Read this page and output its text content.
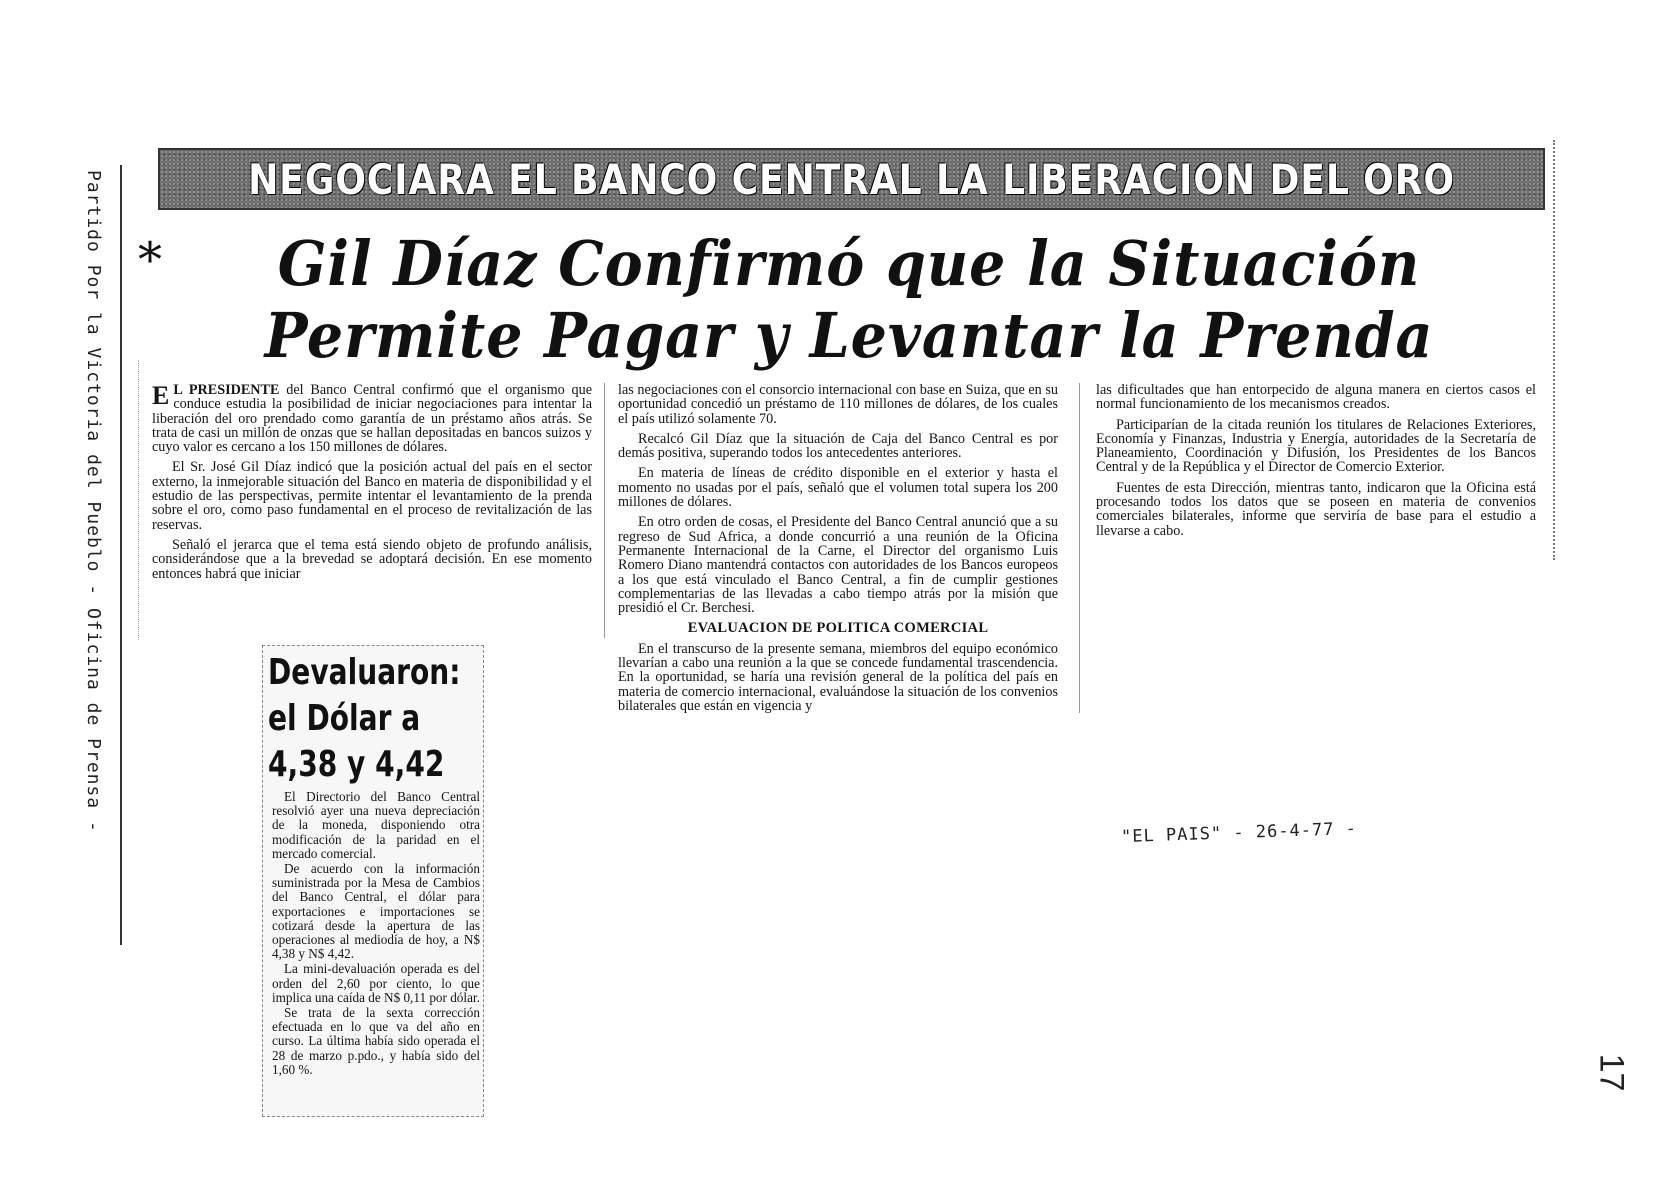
Partido Por la Victoria del Pueblo - Oficina de Prensa -	NEGOCIARA EL BANCO CENTRAL LA LIBERACION DEL ORO
*	Gil Díaz Confirmó que la Situación
Permite Pagar y Levantar la Prenda

E L PRESIDENTE del Banco Central confirmó que el organismo que conduce estudia la posibilidad de iniciar negociaciones para intentar la liberación del oro prendado como garantía de un préstamo años atrás. Se trata de casi un millón de onzas que se hallan depositadas en bancos suizos y cuyo valor es cercano a los 150 millones de dólares.

El Sr. José Gil Díaz indicó que la posición actual del país en el sector externo, la inmejorable situación del Banco en materia de disponibilidad y el estudio de las perspectivas, permite intentar el levantamiento de la prenda sobre el oro, como paso fundamental en el proceso de revitalización de las reservas.

Señaló el jerarca que el tema está siendo objeto de profundo análisis, considerándose que a la brevedad se adoptará decisión. En ese momento entonces habrá que iniciar

las negociaciones con el consorcio internacional con base en Suiza, que en su oportunidad concedió un préstamo de 110 millones de dólares, de los cuales el país utilizó solamente 70.

Recalcó Gil Díaz que la situación de Caja del Banco Central es por demás positiva, superando todos los antecedentes anteriores.

En materia de líneas de crédito disponible en el exterior y hasta el momento no usadas por el país, señaló que el volumen total supera los 200 millones de dólares.

En otro orden de cosas, el Presidente del Banco Central anunció que a su regreso de Sud Africa, a donde concurrió a una reunión de la Oficina Permanente Internacional de la Carne, el Director del organismo Luis Romero Diano mantendrá contactos con autoridades de los Bancos europeos a los que está vinculado el Banco Central, a fin de cumplir gestiones complementarias de las llevadas a cabo tiempo atrás por la misión que presidió el Cr. Berchesi.

EVALUACION DE POLITICA COMERCIAL

En el transcurso de la presente semana, miembros del equipo económico llevarían a cabo una reunión a la que se concede fundamental trascendencia. En la oportunidad, se haría una revisión general de la política del país en materia de comercio internacional, evaluándose la situación de los convenios bilaterales que están en vigencia y

las dificultades que han entorpecido de alguna manera en ciertos casos el normal funcionamiento de los mecanismos creados.

Participarían de la citada reunión los titulares de Relaciones Exteriores, Economía y Finanzas, Industria y Energía, autoridades de la Secretaría de Planeamiento, Coordinación y Difusión, los Presidentes de los Bancos Central y de la República y el Director de Comercio Exterior.

Fuentes de esta Dirección, mientras tanto, indicaron que la Oficina está procesando todos los datos que se poseen en materia de convenios comerciales bilaterales, informe que serviría de base para el estudio a llevarse a cabo.

Devaluaron:
el Dólar a
4,38 y 4,42

El Directorio del Banco Central resolvió ayer una nueva depreciación de la moneda, disponiendo otra modificación de la paridad en el mercado comercial.

De acuerdo con la información suministrada por la Mesa de Cambios del Banco Central, el dólar para exportaciones e importaciones se cotizará desde la apertura de las operaciones al mediodía de hoy, a N$ 4,38 y N$ 4,42.

La mini-devaluación operada es del orden del 2,60 por ciento, lo que implica una caída de N$ 0,11 por dólar.

Se trata de la sexta corrección efectuada en lo que va del año en curso. La última había sido operada el 28 de marzo p.pdo., y había sido del 1,60 %.

"EL PAIS" - 26-4-77 -
17
